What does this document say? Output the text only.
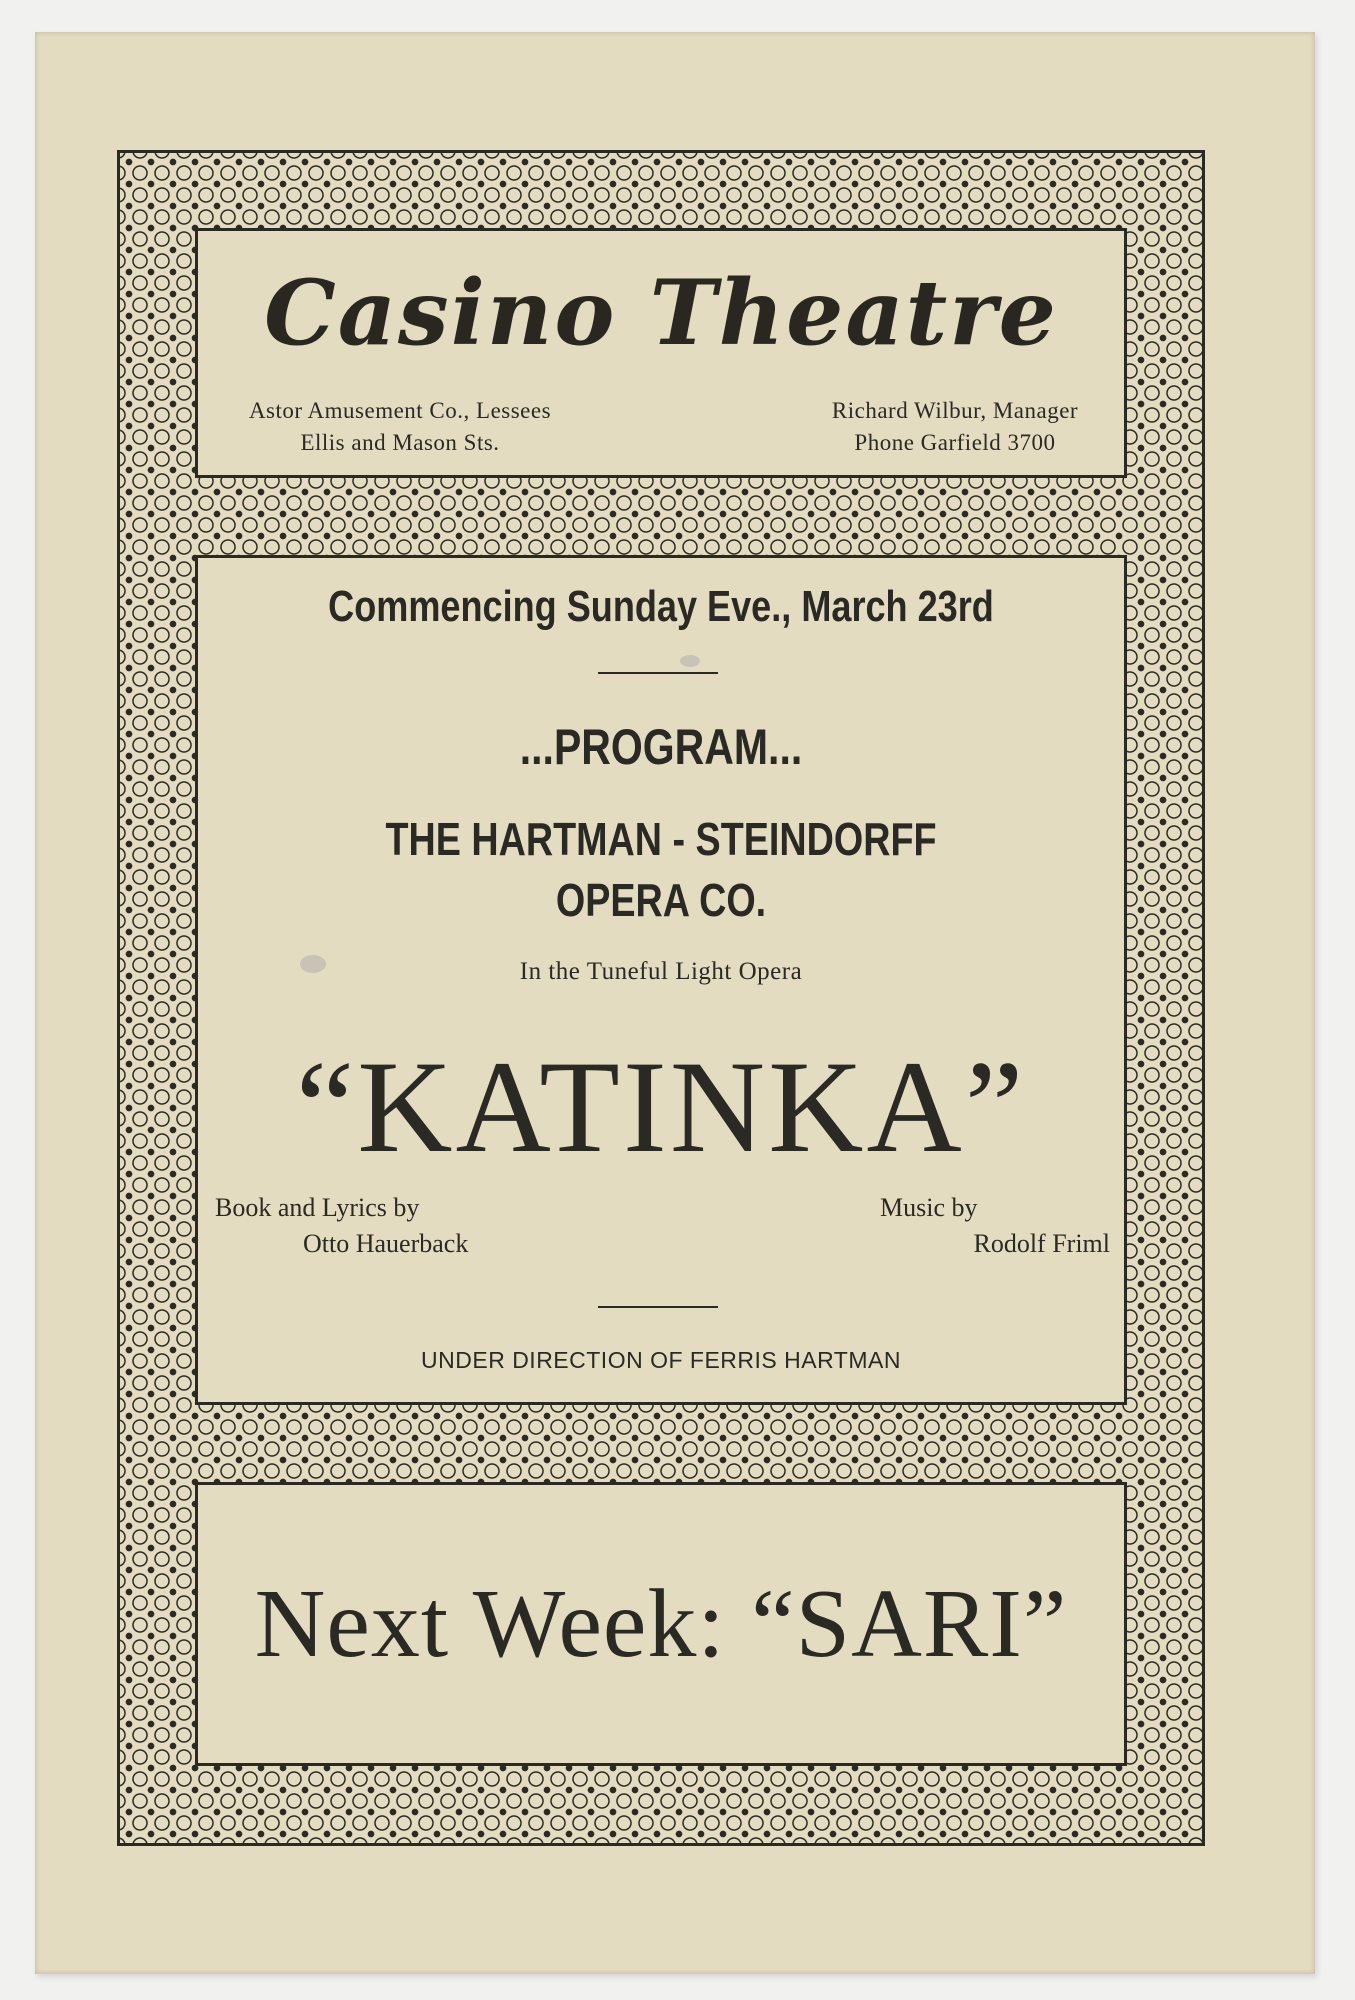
Casino Theatre
Astor Amusement Co., Lessees
Ellis and Mason Sts.
Richard Wilbur, Manager
Phone Garfield 3700
Commencing Sunday Eve., March 23rd
...PROGRAM...
THE HARTMAN - STEINDORFF
OPERA CO.
In the Tuneful Light Opera
“KATINKA”
Book and Lyrics by
Otto Hauerback
Music by
Rodolf Friml
UNDER DIRECTION OF FERRIS HARTMAN
Next Week: “SARI”
